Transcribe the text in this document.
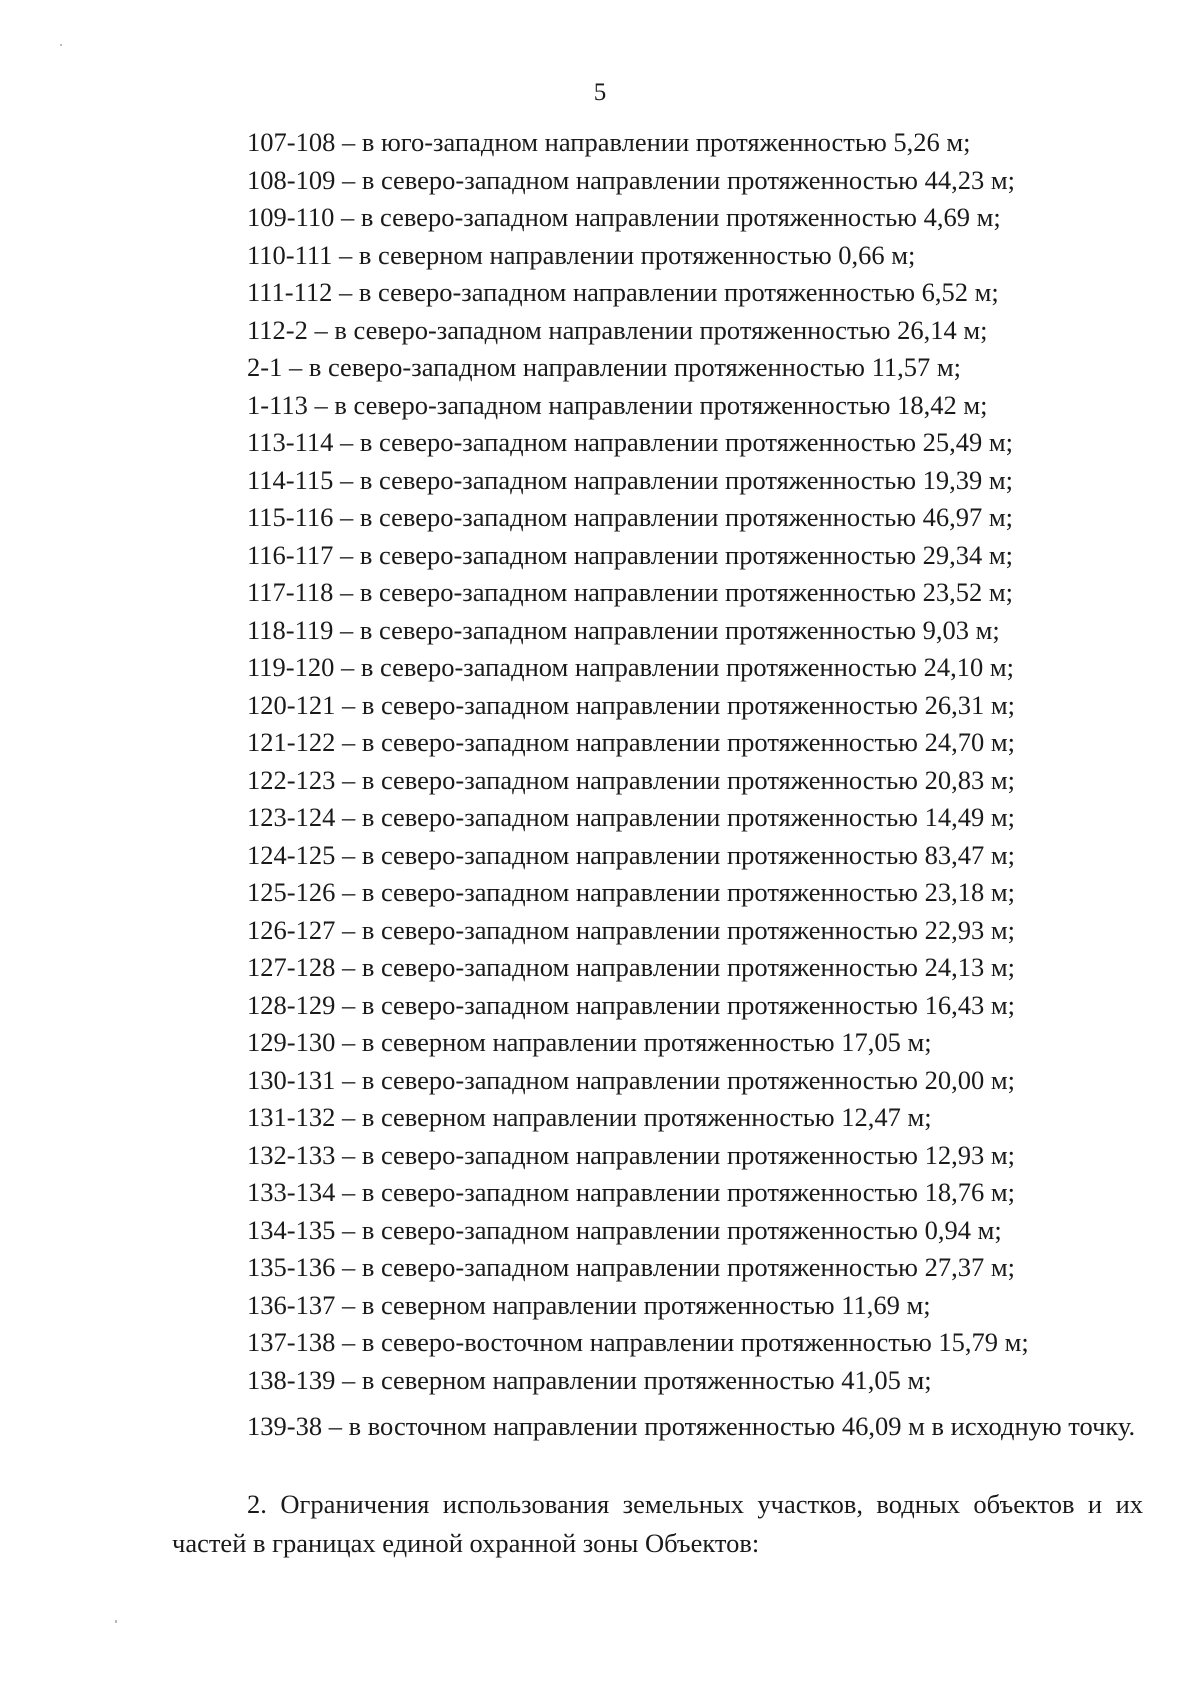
5
107-108 – в юго-западном направлении протяженностью 5,26 м;
108-109 – в северо-западном направлении протяженностью 44,23 м;
109-110 – в северо-западном направлении протяженностью 4,69 м;
110-111 – в северном направлении протяженностью 0,66 м;
111-112 – в северо-западном направлении протяженностью 6,52 м;
112-2 – в северо-западном направлении протяженностью 26,14 м;
2-1 – в северо-западном направлении протяженностью 11,57 м;
1-113 – в северо-западном направлении протяженностью 18,42 м;
113-114 – в северо-западном направлении протяженностью 25,49 м;
114-115 – в северо-западном направлении протяженностью 19,39 м;
115-116 – в северо-западном направлении протяженностью 46,97 м;
116-117 – в северо-западном направлении протяженностью 29,34 м;
117-118 – в северо-западном направлении протяженностью 23,52 м;
118-119 – в северо-западном направлении протяженностью 9,03 м;
119-120 – в северо-западном направлении протяженностью 24,10 м;
120-121 – в северо-западном направлении протяженностью 26,31 м;
121-122 – в северо-западном направлении протяженностью 24,70 м;
122-123 – в северо-западном направлении протяженностью 20,83 м;
123-124 – в северо-западном направлении протяженностью 14,49 м;
124-125 – в северо-западном направлении протяженностью 83,47 м;
125-126 – в северо-западном направлении протяженностью 23,18 м;
126-127 – в северо-западном направлении протяженностью 22,93 м;
127-128 – в северо-западном направлении протяженностью 24,13 м;
128-129 – в северо-западном направлении протяженностью 16,43 м;
129-130 – в северном направлении протяженностью 17,05 м;
130-131 – в северо-западном направлении протяженностью 20,00 м;
131-132 – в северном направлении протяженностью 12,47 м;
132-133 – в северо-западном направлении протяженностью 12,93 м;
133-134 – в северо-западном направлении протяженностью 18,76 м;
134-135 – в северо-западном направлении протяженностью 0,94 м;
135-136 – в северо-западном направлении протяженностью 27,37 м;
136-137 – в северном направлении протяженностью 11,69 м;
137-138 – в северо-восточном направлении протяженностью 15,79 м;
138-139 – в северном направлении протяженностью 41,05 м;

139-38 – в восточном направлении протяженностью 46,09 м в исходную точку.

2. Ограничения использования земельных участков, водных объектов и их частей в границах единой охранной зоны Объектов:
